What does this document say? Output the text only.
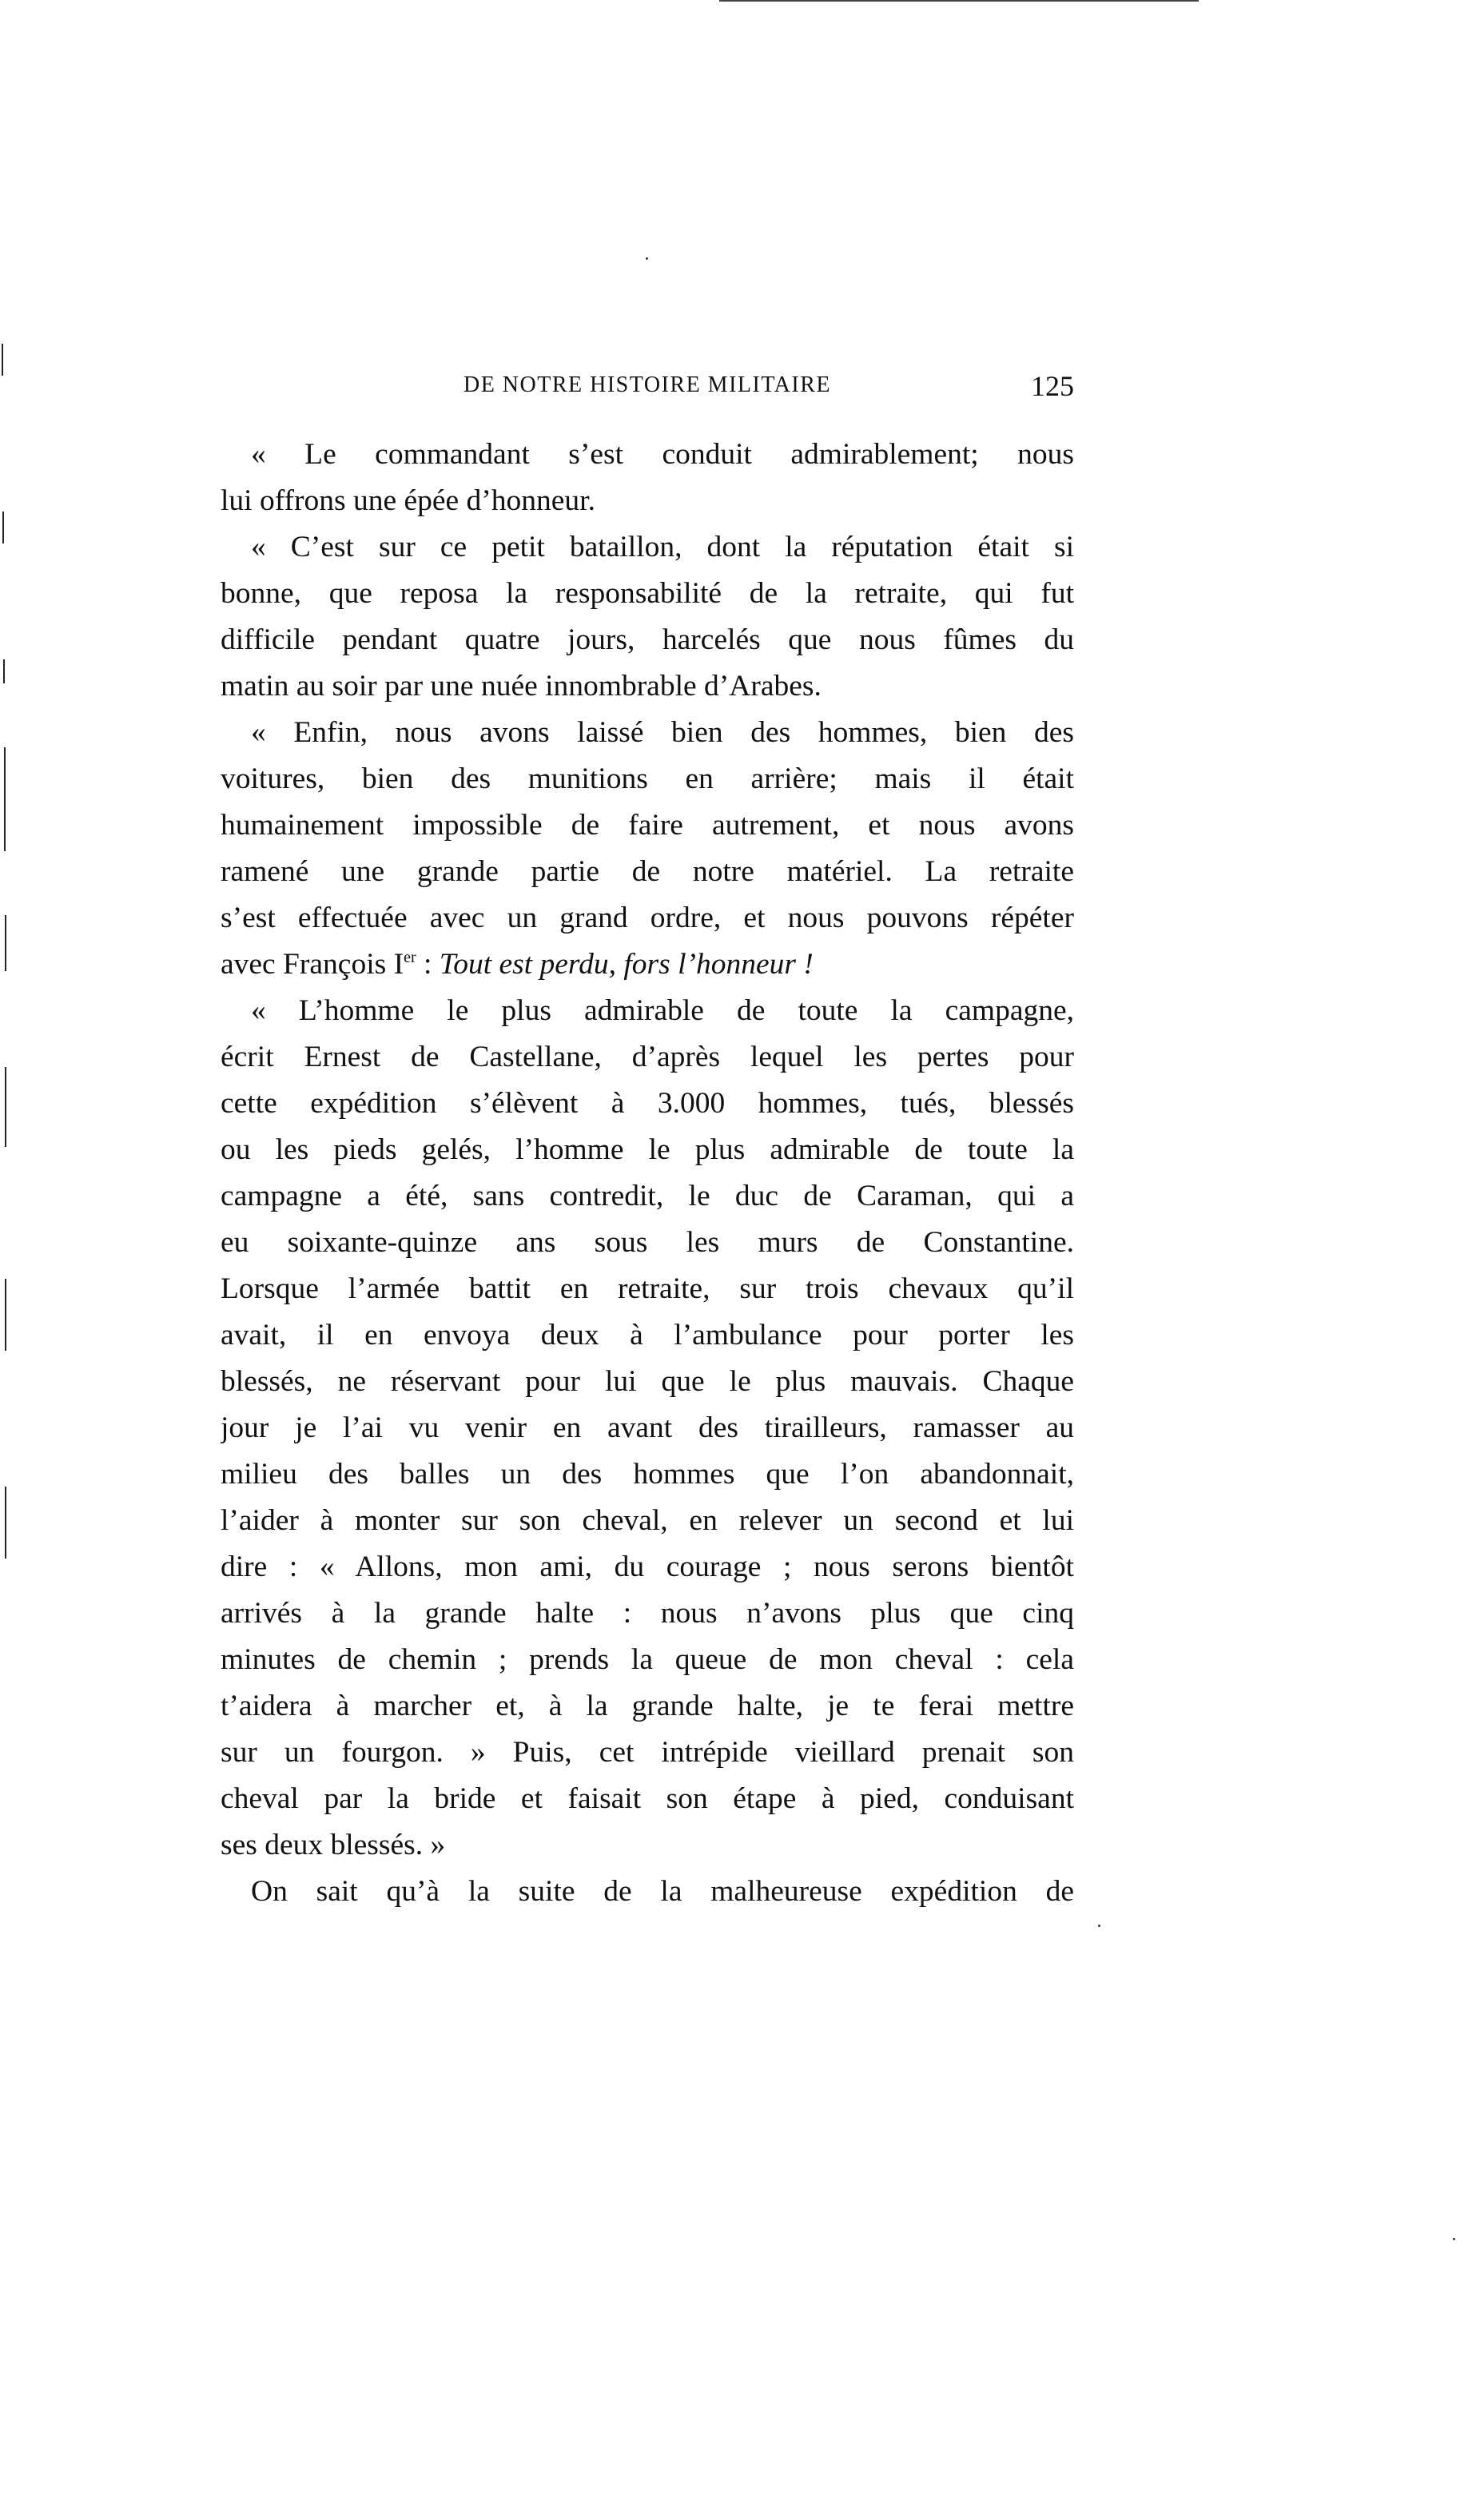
DE NOTRE HISTOIRE MILITAIRE	125
« Le commandant s’est conduit admirablement; nous
lui offrons une épée d’honneur.
« C’est sur ce petit bataillon, dont la réputation était si
bonne, que reposa la responsabilité de la retraite, qui fut
difficile pendant quatre jours, harcelés que nous fûmes du
matin au soir par une nuée innombrable d’Arabes.
« Enfin, nous avons laissé bien des hommes, bien des
voitures, bien des munitions en arrière; mais il était
humainement impossible de faire autrement, et nous avons
ramené une grande partie de notre matériel. La retraite
s’est effectuée avec un grand ordre, et nous pouvons répéter
avec François Ier : Tout est perdu, fors l’honneur !
« L’homme le plus admirable de toute la campagne,
écrit Ernest de Castellane, d’après lequel les pertes pour
cette expédition s’élèvent à 3.000 hommes, tués, blessés
ou les pieds gelés, l’homme le plus admirable de toute la
campagne a été, sans contredit, le duc de Caraman, qui a
eu soixante-quinze ans sous les murs de Constantine.
Lorsque l’armée battit en retraite, sur trois chevaux qu’il
avait, il en envoya deux à l’ambulance pour porter les
blessés, ne réservant pour lui que le plus mauvais. Chaque
jour je l’ai vu venir en avant des tirailleurs, ramasser au
milieu des balles un des hommes que l’on abandonnait,
l’aider à monter sur son cheval, en relever un second et lui
dire : « Allons, mon ami, du courage ; nous serons bientôt
arrivés à la grande halte : nous n’avons plus que cinq
minutes de chemin ; prends la queue de mon cheval : cela
t’aidera à marcher et, à la grande halte, je te ferai mettre
sur un fourgon. » Puis, cet intrépide vieillard prenait son
cheval par la bride et faisait son étape à pied, conduisant
ses deux blessés. »
On sait qu’à la suite de la malheureuse expédition de
